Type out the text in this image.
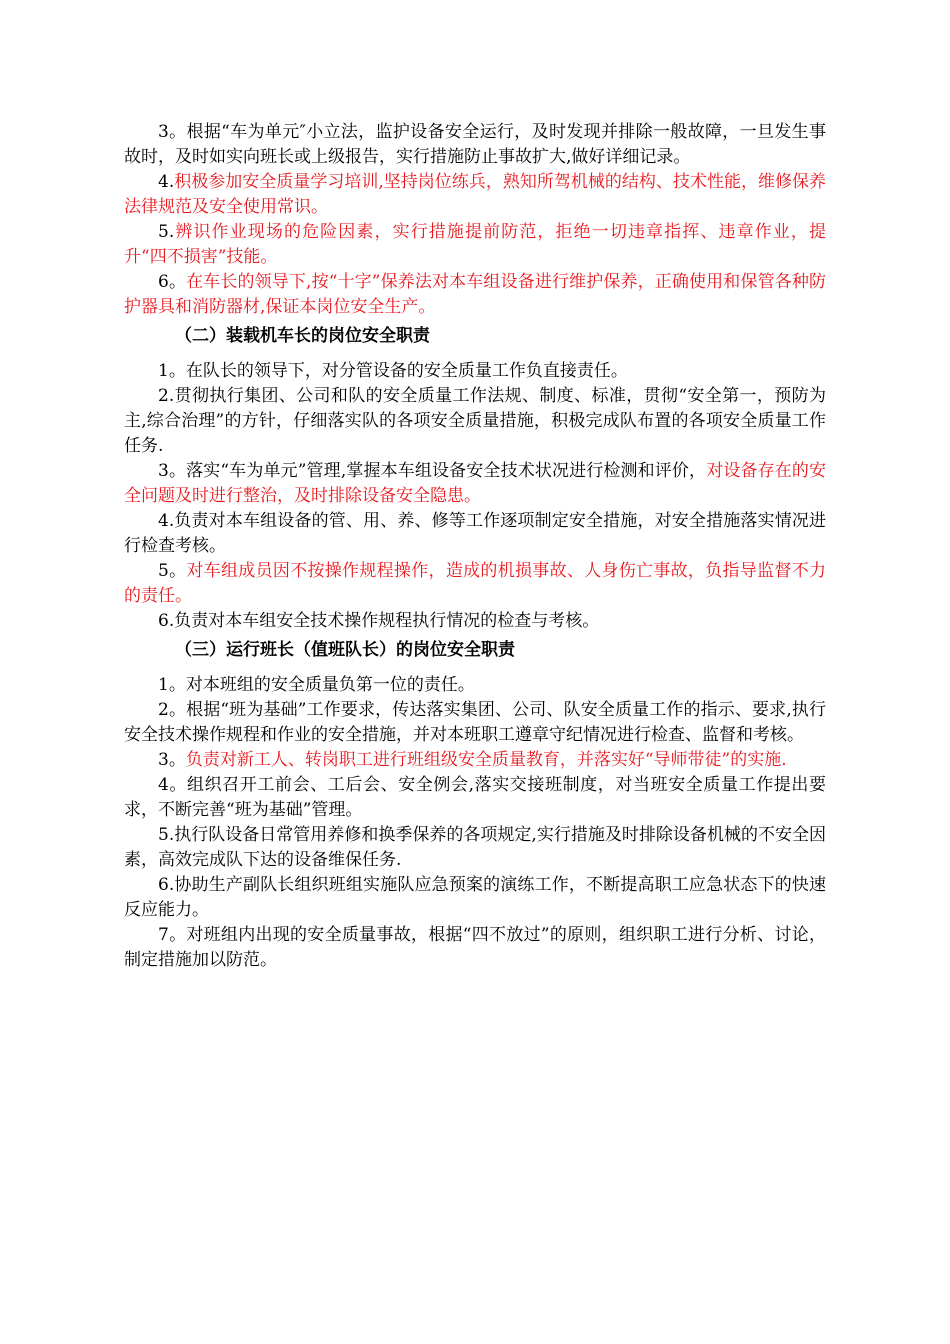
3。根据“车为单元″小立法，监护设备安全运行，及时发现并排除一般故障，一旦发生事故时，及时如实向班长或上级报告，实行措施防止事故扩大,做好详细记录。

4.积极参加安全质量学习培训,坚持岗位练兵，熟知所驾机械的结构、技术性能，维修保养法律规范及安全使用常识。

5.辨识作业现场的危险因素，实行措施提前防范，拒绝一切违章指挥、违章作业，提升“四不损害”技能。

6。在车长的领导下,按“十字”保养法对本车组设备进行维护保养，正确使用和保管各种防护器具和消防器材,保证本岗位安全生产。

（二）装载机车长的岗位安全职责

1。在队长的领导下，对分管设备的安全质量工作负直接责任。

2.贯彻执行集团、公司和队的安全质量工作法规、制度、标准，贯彻“安全第一，预防为主,综合治理”的方针，仔细落实队的各项安全质量措施，积极完成队布置的各项安全质量工作任务.

3。落实“车为单元”管理,掌握本车组设备安全技术状况进行检测和评价，对设备存在的安全问题及时进行整治，及时排除设备安全隐患。

4.负责对本车组设备的管、用、养、修等工作逐项制定安全措施，对安全措施落实情况进行检查考核。

5。对车组成员因不按操作规程操作，造成的机损事故、人身伤亡事故，负指导监督不力的责任。

6.负责对本车组安全技术操作规程执行情况的检查与考核。

（三）运行班长（值班队长）的岗位安全职责

1。对本班组的安全质量负第一位的责任。

2。根据“班为基础”工作要求，传达落实集团、公司、队安全质量工作的指示、要求,执行安全技术操作规程和作业的安全措施，并对本班职工遵章守纪情况进行检查、监督和考核。

3。负责对新工人、转岗职工进行班组级安全质量教育，并落实好“导师带徒”的实施.

4。组织召开工前会、工后会、安全例会,落实交接班制度，对当班安全质量工作提出要求，不断完善“班为基础”管理。

5.执行队设备日常管用养修和换季保养的各项规定,实行措施及时排除设备机械的不安全因素，高效完成队下达的设备维保任务.

6.协助生产副队长组织班组实施队应急预案的演练工作，不断提高职工应急状态下的快速反应能力。

7。对班组内出现的安全质量事故，根据“四不放过”的原则，组织职工进行分析、讨论，制定措施加以防范。
